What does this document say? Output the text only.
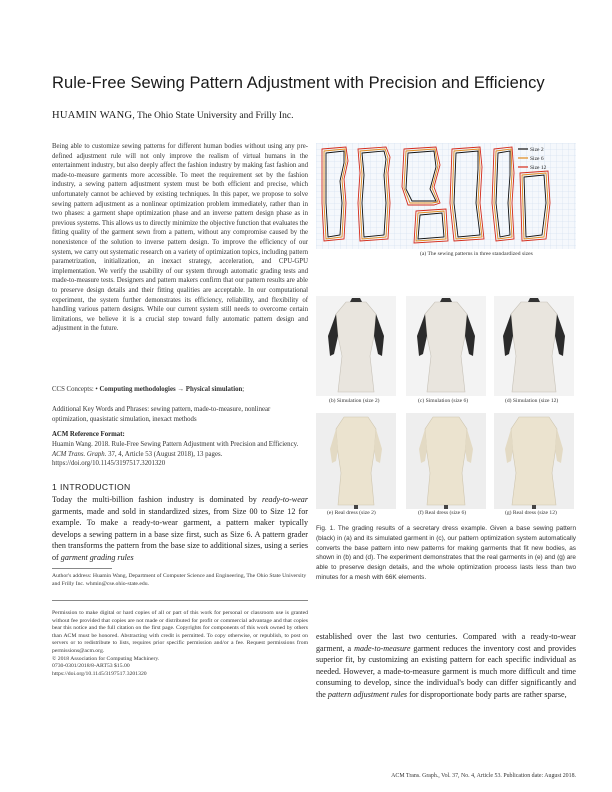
Rule-Free Sewing Pattern Adjustment with Precision and Efficiency
HUAMIN WANG, The Ohio State University and Frilly Inc.
Being able to customize sewing patterns for different human bodies without using any pre-defined adjustment rule will not only improve the realism of virtual humans in the entertainment industry, but also deeply affect the fashion industry by making fast fashion and made-to-measure garments more accessible. To meet the requirement set by the fashion industry, a sewing pattern adjustment system must be both efficient and precise, which unfortunately cannot be achieved by existing techniques. In this paper, we propose to solve sewing pattern adjustment as a nonlinear optimization problem immediately, rather than in two phases: a garment shape optimization phase and an inverse pattern design phase as in previous systems. This allows us to directly minimize the objective function that evaluates the fitting quality of the garment sewn from a pattern, without any compromise caused by the nonexistence of the solution to inverse pattern design. To improve the efficiency of our system, we carry out systematic research on a variety of optimization topics, including pattern parametrization, initialization, an inexact strategy, acceleration, and CPU-GPU implementation. We verify the usability of our system through automatic grading tests and made-to-measure tests. Designers and pattern makers confirm that our pattern results are able to preserve design details and their fitting qualities are acceptable. In our computational experiment, the system further demonstrates its efficiency, reliability, and flexibility of handling various pattern designs. While our current system still needs to overcome certain limitations, we believe it is a crucial step toward fully automatic pattern design and adjustment in the future.
CCS Concepts: • Computing methodologies → Physical simulation;
Additional Key Words and Phrases: sewing pattern, made-to-measure, nonlinear optimization, quasistatic simulation, inexact methods
ACM Reference Format:
Huamin Wang. 2018. Rule-Free Sewing Pattern Adjustment with Precision and Efficiency. ACM Trans. Graph. 37, 4, Article 53 (August 2018), 13 pages. https://doi.org/10.1145/3197517.3201320
1 INTRODUCTION
Today the multi-billion fashion industry is dominated by ready-to-wear garments, made and sold in standardized sizes, from Size 00 to Size 12 for example. To make a ready-to-wear garment, a pattern maker typically develops a sewing pattern in a base size first, such as Size 6. A pattern grader then transforms the pattern from the base size to additional sizes, using a series of garment grading rules
Author's address: Huamin Wang, Department of Computer Science and Engineering, The Ohio State University and Frilly Inc. whmin@cse.ohio-state.edu.
Permission to make digital or hard copies of all or part of this work for personal or classroom use is granted without fee provided that copies are not made or distributed for profit or commercial advantage and that copies bear this notice and the full citation on the first page. Copyrights for components of this work owned by others than ACM must be honored. Abstracting with credit is permitted. To copy otherwise, or republish, to post on servers or to redistribute to lists, requires prior specific permission and/or a fee. Request permissions from permissions@acm.org.
© 2018 Association for Computing Machinery.
0730-0301/2018/8-ART53 $15.00
https://doi.org/10.1145/3197517.3201320
Size 2
Size 6
Size 12
(a) The sewing patterns in three standardized sizes
(b) Simulation (size 2)	(c) Simulation (size 6)	(d) Simulation (size 12)
(e) Real dress (size 2)	(f) Real dress (size 6)	(g) Real dress (size 12)
Fig. 1. The grading results of a secretary dress example. Given a base sewing pattern (black) in (a) and its simulated garment in (c), our pattern optimization system automatically converts the base pattern into new patterns for making garments that fit new bodies, as shown in (b) and (d). The experiment demonstrates that the real garments in (e) and (g) are able to preserve design details, and the whole optimization process lasts less than two minutes for a mesh with 66K elements.
established over the last two centuries. Compared with a ready-to-wear garment, a made-to-measure garment reduces the inventory cost and provides superior fit, by customizing an existing pattern for each specific individual as needed. However, a made-to-measure garment is much more difficult and time consuming to develop, since the individual's body can differ significantly and the pattern adjustment rules for disproportionate body parts are rather sparse,
ACM Trans. Graph., Vol. 37, No. 4, Article 53. Publication date: August 2018.
